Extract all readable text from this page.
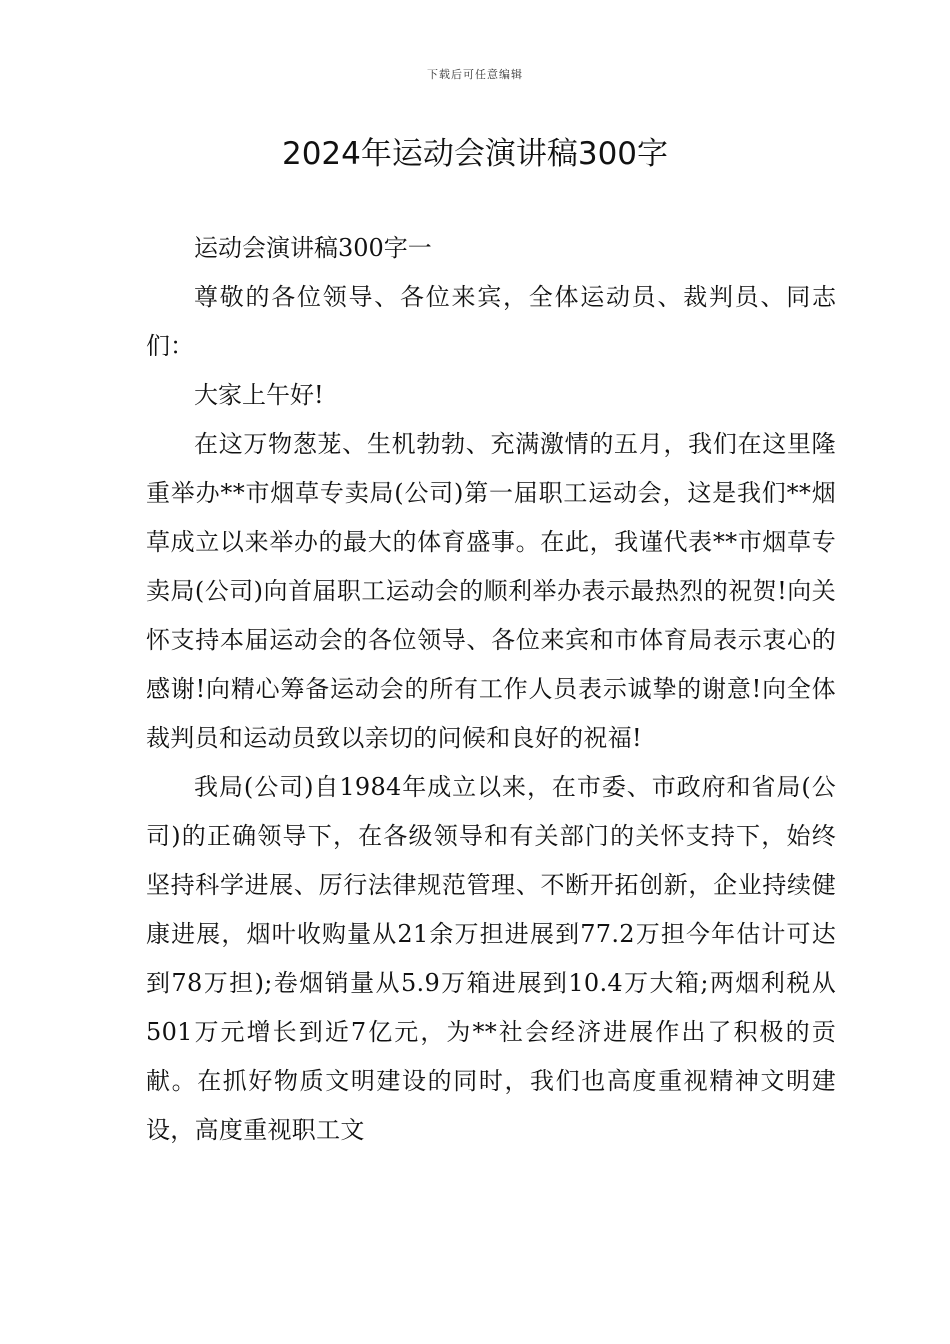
下载后可任意编辑
2024年运动会演讲稿300字

运动会演讲稿300字一

尊敬的各位领导、各位来宾，全体运动员、裁判员、同志们：

大家上午好!

在这万物葱茏、生机勃勃、充满激情的五月，我们在这里隆重举办**市烟草专卖局(公司)第一届职工运动会，这是我们**烟草成立以来举办的最大的体育盛事。在此，我谨代表**市烟草专卖局(公司)向首届职工运动会的顺利举办表示最热烈的祝贺!向关怀支持本届运动会的各位领导、各位来宾和市体育局表示衷心的感谢!向精心筹备运动会的所有工作人员表示诚挚的谢意!向全体裁判员和运动员致以亲切的问候和良好的祝福!

我局(公司)自1984年成立以来，在市委、市政府和省局(公司)的正确领导下，在各级领导和有关部门的关怀支持下，始终坚持科学进展、厉行法律规范管理、不断开拓创新，企业持续健康进展，烟叶收购量从21余万担进展到77.2万担今年估计可达到78万担);卷烟销量从5.9万箱进展到10.4万大箱;两烟利税从501万元增长到近7亿元，为**社会经济进展作出了积极的贡献。在抓好物质文明建设的同时，我们也高度重视精神文明建设，高度重视职工文
